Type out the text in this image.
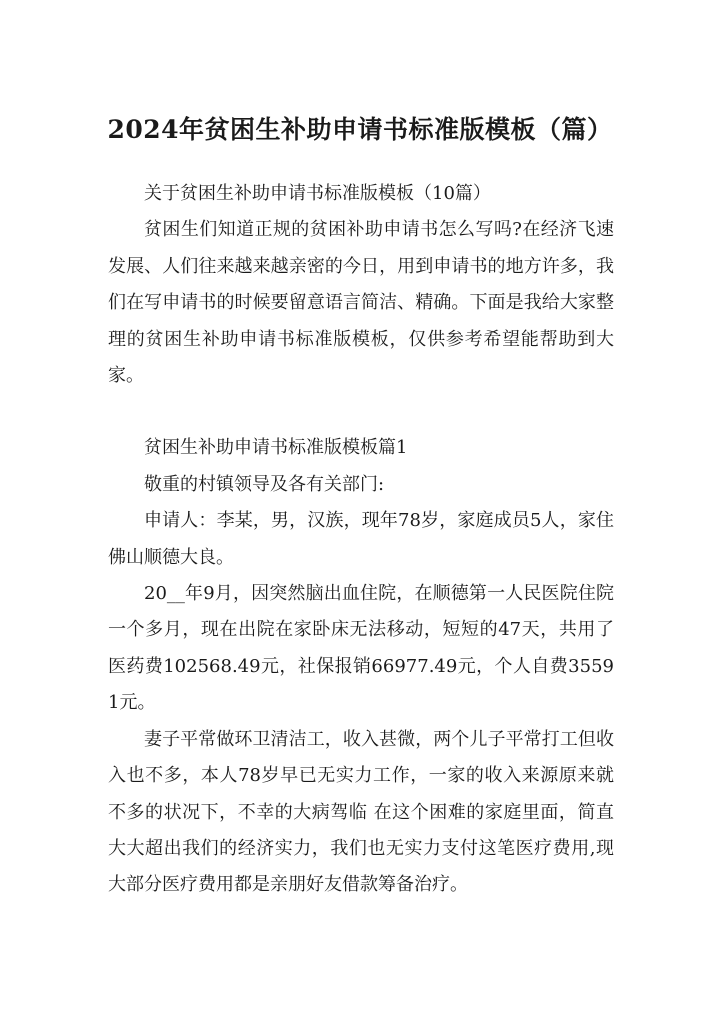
2024年贫困生补助申请书标准版模板（篇）

关于贫困生补助申请书标准版模板（10篇）

贫困生们知道正规的贫困补助申请书怎么写吗?在经济飞速发展、人们往来越来越亲密的今日，用到申请书的地方许多，我们在写申请书的时候要留意语言简洁、精确。下面是我给大家整理的贫困生补助申请书标准版模板，仅供参考希望能帮助到大家。

贫困生补助申请书标准版模板篇1

敬重的村镇领导及各有关部门:

申请人：李某，男，汉族，现年78岁，家庭成员5人，家住佛山顺德大良。

20__年9月，因突然脑出血住院，在顺德第一人民医院住院一个多月，现在出院在家卧床无法移动，短短的47天，共用了医药费102568.49元，社保报销66977.49元，个人自费35591元。

妻子平常做环卫清洁工，收入甚微，两个儿子平常打工但收入也不多，本人78岁早已无实力工作，一家的收入来源原来就不多的状况下，不幸的大病驾临 在这个困难的家庭里面，简直大大超出我们的经济实力，我们也无实力支付这笔医疗费用,现大部分医疗费用都是亲朋好友借款筹备治疗。
